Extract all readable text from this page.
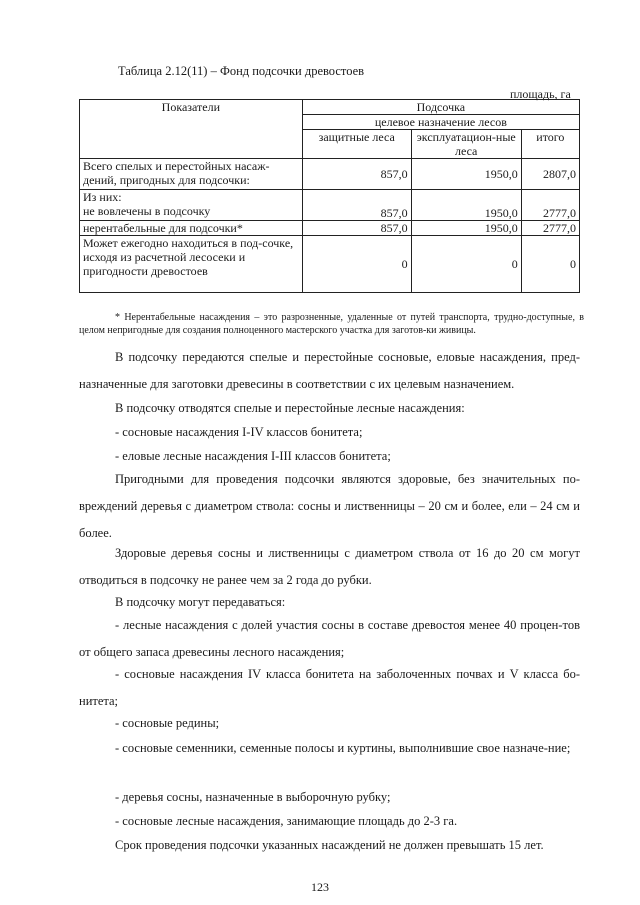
Таблица 2.12(11) – Фонд подсочки древостоев
площадь, га
Показатели	Подсочка		
	целевое назначение лесов		
	защитные леса	эксплуатацион-ные леса	итого
Всего спелых и перестойных насаж-дений, пригодных для подсочки:	857,0	1950,0	2807,0

Из них:
не вовлечены в подсочку	857,0	1950,0	2777,0
нерентабельные для подсочки*	857,0	1950,0	2777,0
Может ежегодно находиться в под-сочке, исходя из расчетной лесосеки и пригодности древостоев	0	0	0
* Нерентабельные насаждения – это разрозненные, удаленные от путей транспорта, трудно-доступные, в целом непригодные для создания полноценного мастерского участка для заготов-ки живицы.
В подсочку передаются спелые и перестойные сосновые, еловые насаждения, пред-назначенные для заготовки древесины в соответствии с их целевым назначением.
В подсочку отводятся спелые и перестойные лесные насаждения:
- сосновые насаждения I-IV классов бонитета;
- еловые лесные насаждения I-III классов бонитета;
Пригодными для проведения подсочки являются здоровые, без значительных по-вреждений деревья с диаметром ствола: сосны и лиственницы – 20 см и более, ели – 24 см и более.
Здоровые деревья сосны и лиственницы с диаметром ствола от 16 до 20 см могут отводиться в подсочку не ранее чем за 2 года до рубки.
В подсочку могут передаваться:
- лесные насаждения с долей участия сосны в составе древостоя менее 40 процен-тов от общего запаса древесины лесного насаждения;
- сосновые насаждения IV класса бонитета на заболоченных почвах и V класса бо-нитета;
- сосновые редины;
- сосновые семенники, семенные полосы и куртины, выполнившие свое назначе-ние;
- деревья сосны, назначенные в выборочную рубку;
- сосновые лесные насаждения, занимающие площадь до 2-3 га.
Срок проведения подсочки указанных насаждений не должен превышать 15 лет.
123
